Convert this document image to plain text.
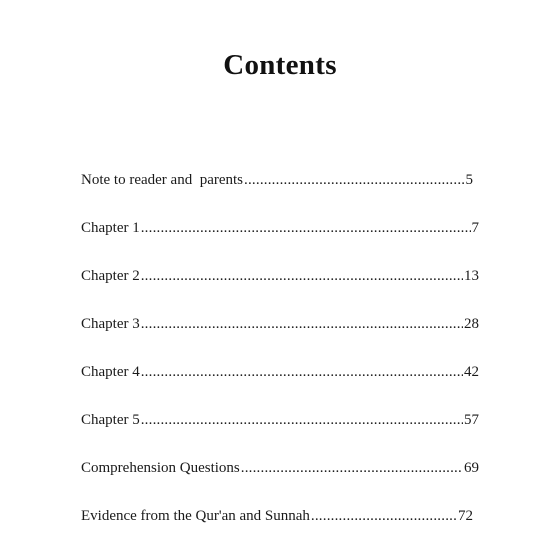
Contents
Note to reader and  parents .....	5
Chapter 1 .....	7
Chapter 2 .....	13
Chapter 3 .....	28
Chapter 4 .....	42
Chapter 5 .....	57
Comprehension Questions .....	69
Evidence from the Qur'an and Sunnah .....	72
